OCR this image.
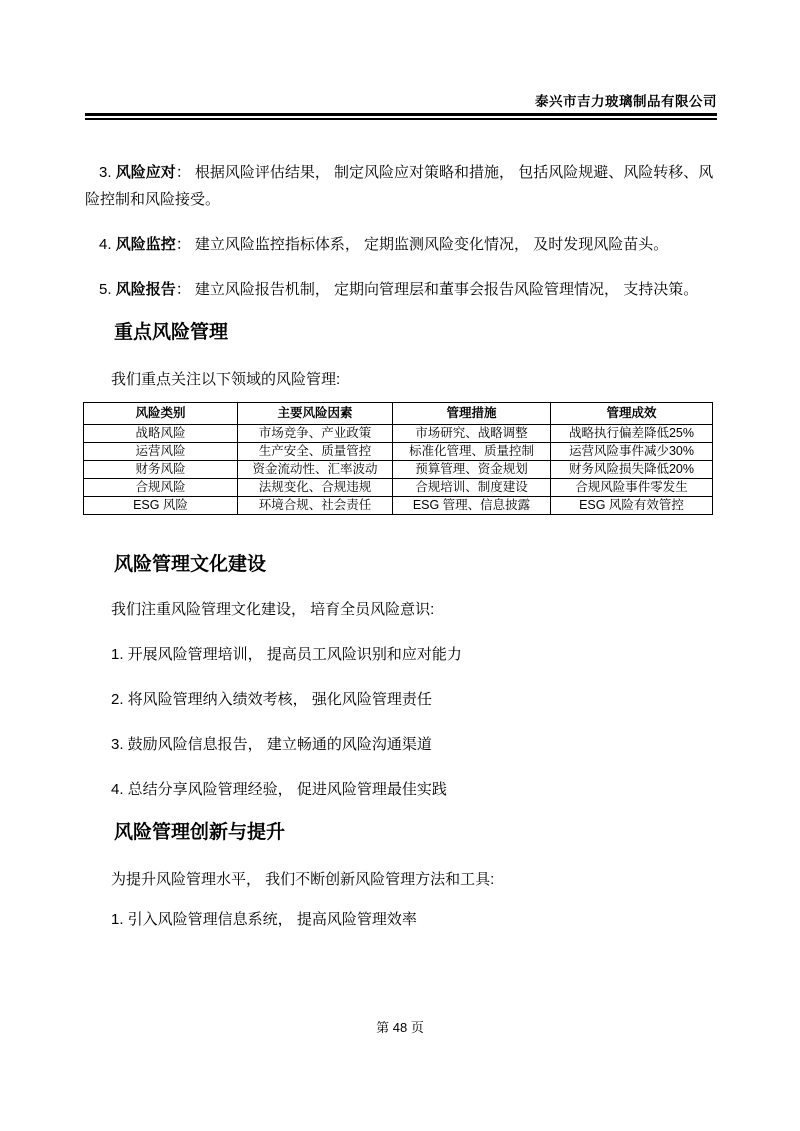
泰兴市吉力玻璃制品有限公司

3. 风险应对： 根据风险评估结果， 制定风险应对策略和措施， 包括风险规避、风险转移、风险控制和风险接受。

4. 风险监控： 建立风险监控指标体系， 定期监测风险变化情况， 及时发现风险苗头。

5. 风险报告： 建立风险报告机制， 定期向管理层和董事会报告风险管理情况， 支持决策。

重点风险管理

我们重点关注以下领域的风险管理:

风险类别	主要风险因素	管理措施	管理成效
战略风险	市场竞争、产业政策	市场研究、战略调整	战略执行偏差降低25%
运营风险	生产安全、质量管控	标准化管理、质量控制	运营风险事件减少30%
财务风险	资金流动性、汇率波动	预算管理、资金规划	财务风险损失降低20%
合规风险	法规变化、合规违规	合规培训、制度建设	合规风险事件零发生
ESG 风险	环境合规、社会责任	ESG 管理、信息披露	ESG 风险有效管控
风险管理文化建设

我们注重风险管理文化建设， 培育全员风险意识:

1. 开展风险管理培训， 提高员工风险识别和应对能力

2. 将风险管理纳入绩效考核， 强化风险管理责任

3. 鼓励风险信息报告， 建立畅通的风险沟通渠道

4. 总结分享风险管理经验， 促进风险管理最佳实践

风险管理创新与提升

为提升风险管理水平， 我们不断创新风险管理方法和工具:

1. 引入风险管理信息系统， 提高风险管理效率

第 48 页
